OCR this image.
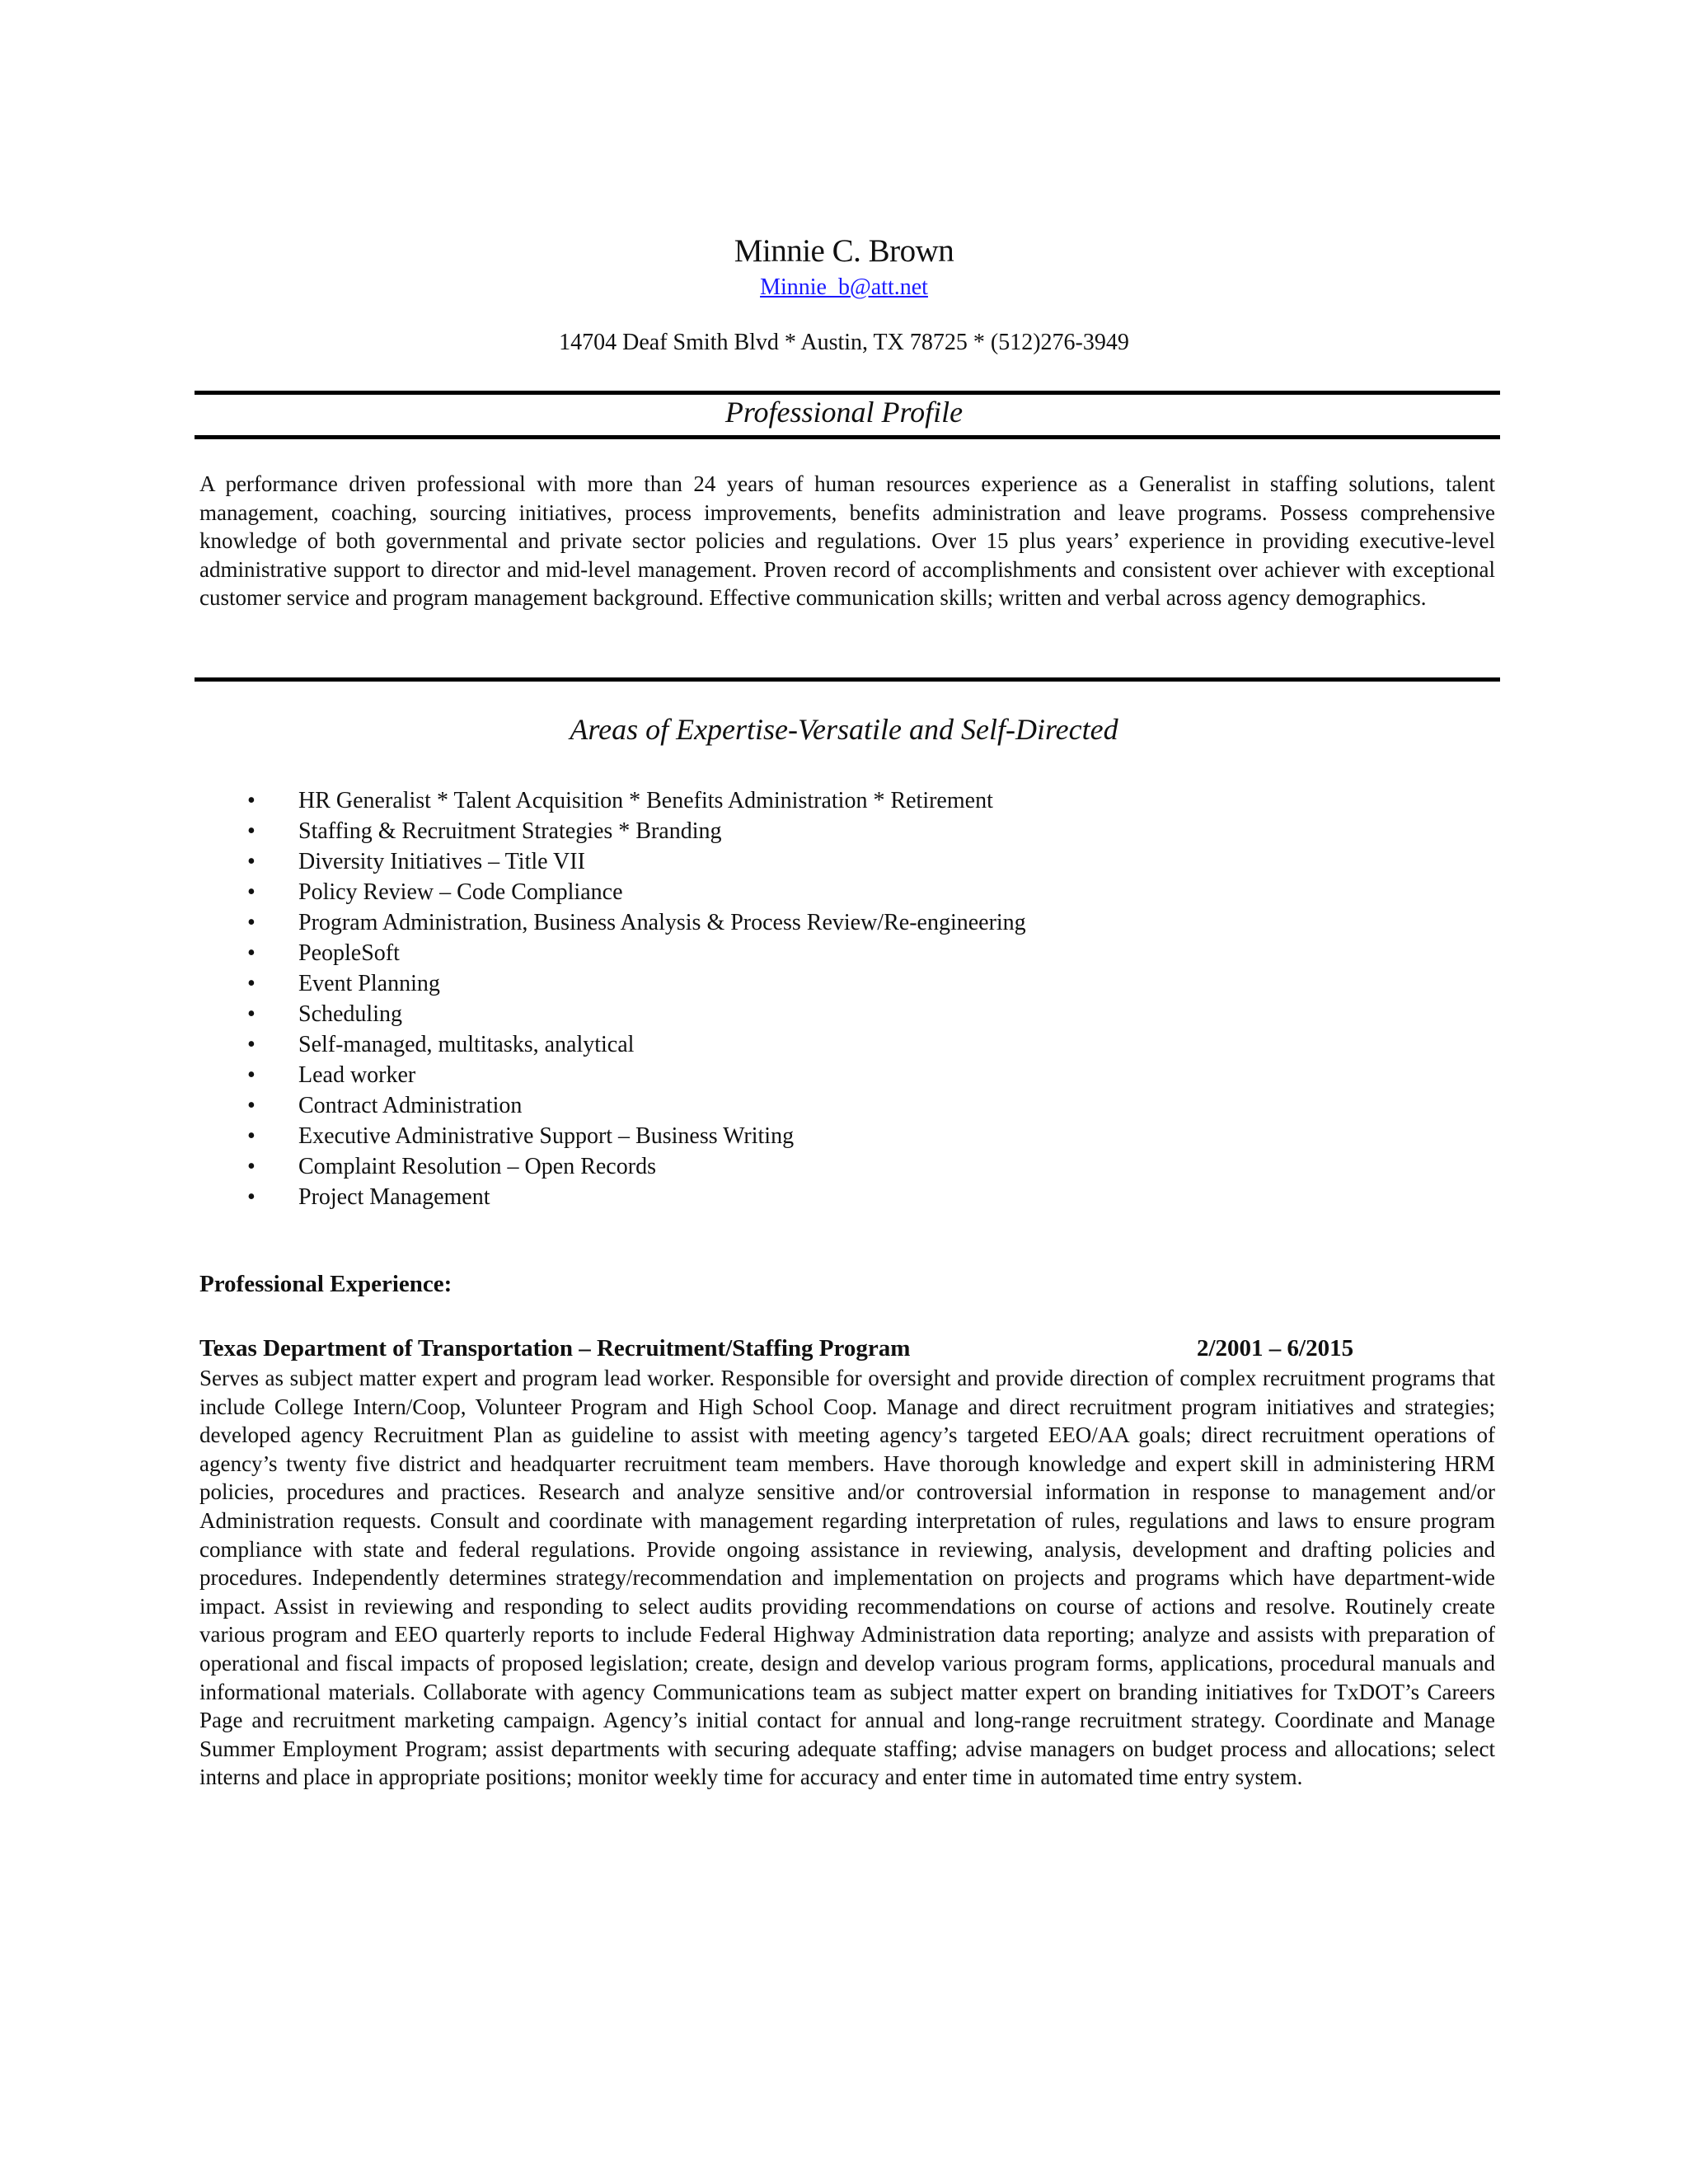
Minnie C. Brown
Minnie_b@att.net
14704 Deaf Smith Blvd * Austin, TX 78725 * (512)276-3949
Professional Profile
A performance driven professional with more than 24 years of human resources experience as a Generalist in staffing solutions, talent management, coaching, sourcing initiatives, process improvements, benefits administration and leave programs. Possess comprehensive knowledge of both governmental and private sector policies and regulations. Over 15 plus years’ experience in providing executive-level administrative support to director and mid-level management. Proven record of accomplishments and consistent over achiever with exceptional customer service and program management background. Effective communication skills; written and verbal across agency demographics.
Areas of Expertise-Versatile and Self-Directed
• HR Generalist * Talent Acquisition * Benefits Administration * Retirement
• Staffing & Recruitment Strategies * Branding
• Diversity Initiatives – Title VII
• Policy Review – Code Compliance
• Program Administration, Business Analysis & Process Review/Re-engineering
• PeopleSoft
• Event Planning
• Scheduling
• Self-managed, multitasks, analytical
• Lead worker
• Contract Administration
• Executive Administrative Support – Business Writing
• Complaint Resolution – Open Records
• Project Management
Professional Experience:
Texas Department of Transportation – Recruitment/Staffing Program	2/2001 – 6/2015
Serves as subject matter expert and program lead worker. Responsible for oversight and provide direction of complex recruitment programs that include College Intern/Coop, Volunteer Program and High School Coop. Manage and direct recruitment program initiatives and strategies; developed agency Recruitment Plan as guideline to assist with meeting agency’s targeted EEO/AA goals; direct recruitment operations of agency’s twenty five district and headquarter recruitment team members. Have thorough knowledge and expert skill in administering HRM policies, procedures and practices. Research and analyze sensitive and/or controversial information in response to management and/or Administration requests. Consult and coordinate with management regarding interpretation of rules, regulations and laws to ensure program compliance with state and federal regulations. Provide ongoing assistance in reviewing, analysis, development and drafting policies and procedures. Independently determines strategy/recommendation and implementation on projects and programs which have department-wide impact. Assist in reviewing and responding to select audits providing recommendations on course of actions and resolve. Routinely create various program and EEO quarterly reports to include Federal Highway Administration data reporting; analyze and assists with preparation of operational and fiscal impacts of proposed legislation; create, design and develop various program forms, applications, procedural manuals and informational materials. Collaborate with agency Communications team as subject matter expert on branding initiatives for TxDOT’s Careers Page and recruitment marketing campaign. Agency’s initial contact for annual and long-range recruitment strategy. Coordinate and Manage Summer Employment Program; assist departments with securing adequate staffing; advise managers on budget process and allocations; select interns and place in appropriate positions; monitor weekly time for accuracy and enter time in automated time entry system.
